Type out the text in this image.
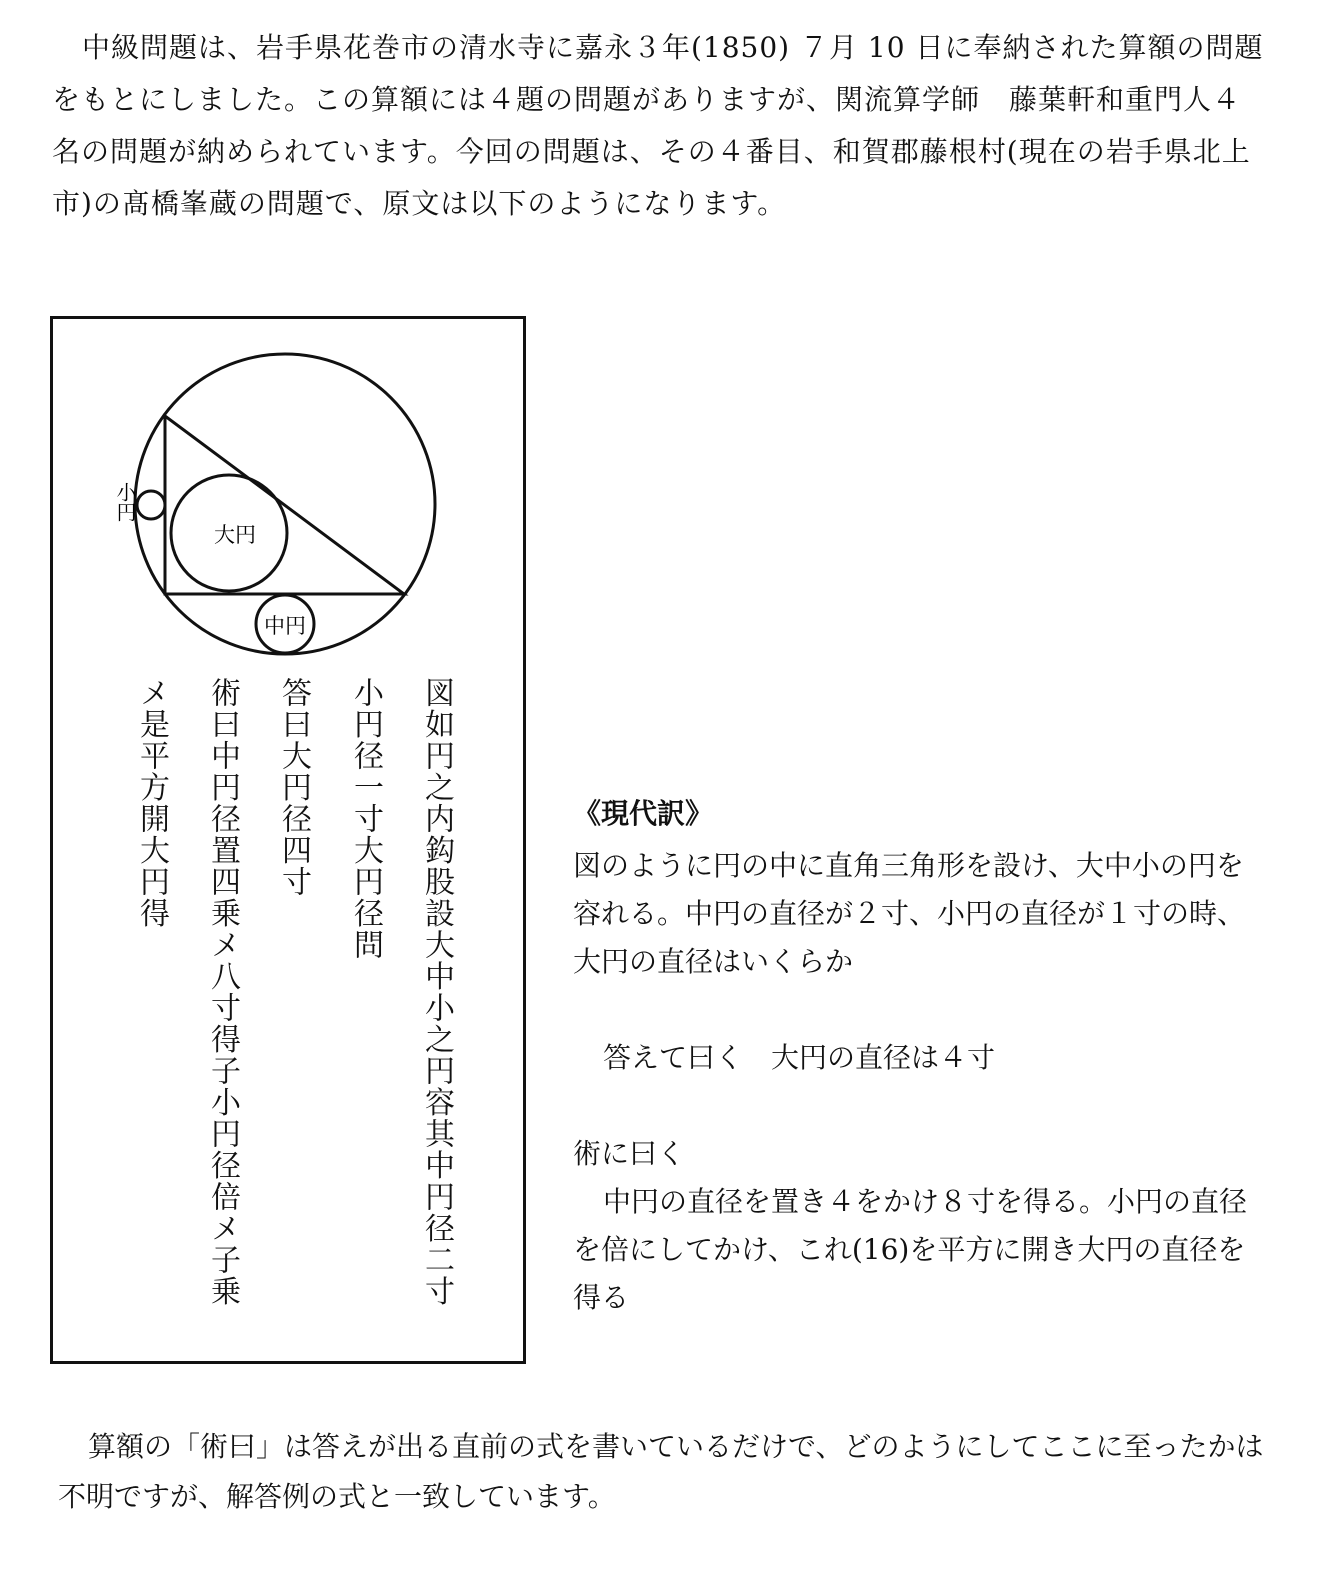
中級問題は、岩手県花巻市の清水寺に嘉永３年(1850) ７月 10 日に奉納された算額の問題をもとにしました。この算額には４題の問題がありますが、関流算学師　藤葉軒和重門人４名の問題が納められています。今回の問題は、その４番目、和賀郡藤根村(現在の岩手県北上市)の髙橋峯蔵の問題で、原文は以下のようになります。

大円
中円
小円
図如円之内鈎股設大中小之円容其中円径二寸
小円径一寸大円径問
答曰大円径四寸
術曰中円径置四乗メ八寸得子小円径倍メ子乗
メ是平方開大円得	《現代訳》

図のように円の中に直角三角形を設け、大中小の円を

容れる。中円の直径が２寸、小円の直径が１寸の時、

大円の直径はいくらか

答えて曰く　大円の直径は４寸

術に曰く

中円の直径を置き４をかけ８寸を得る。小円の直径

を倍にしてかけ、これ(16)を平方に開き大円の直径を

得る

算額の「術曰」は答えが出る直前の式を書いているだけで、どのようにしてここに至ったかは不明ですが、解答例の式と一致しています。
